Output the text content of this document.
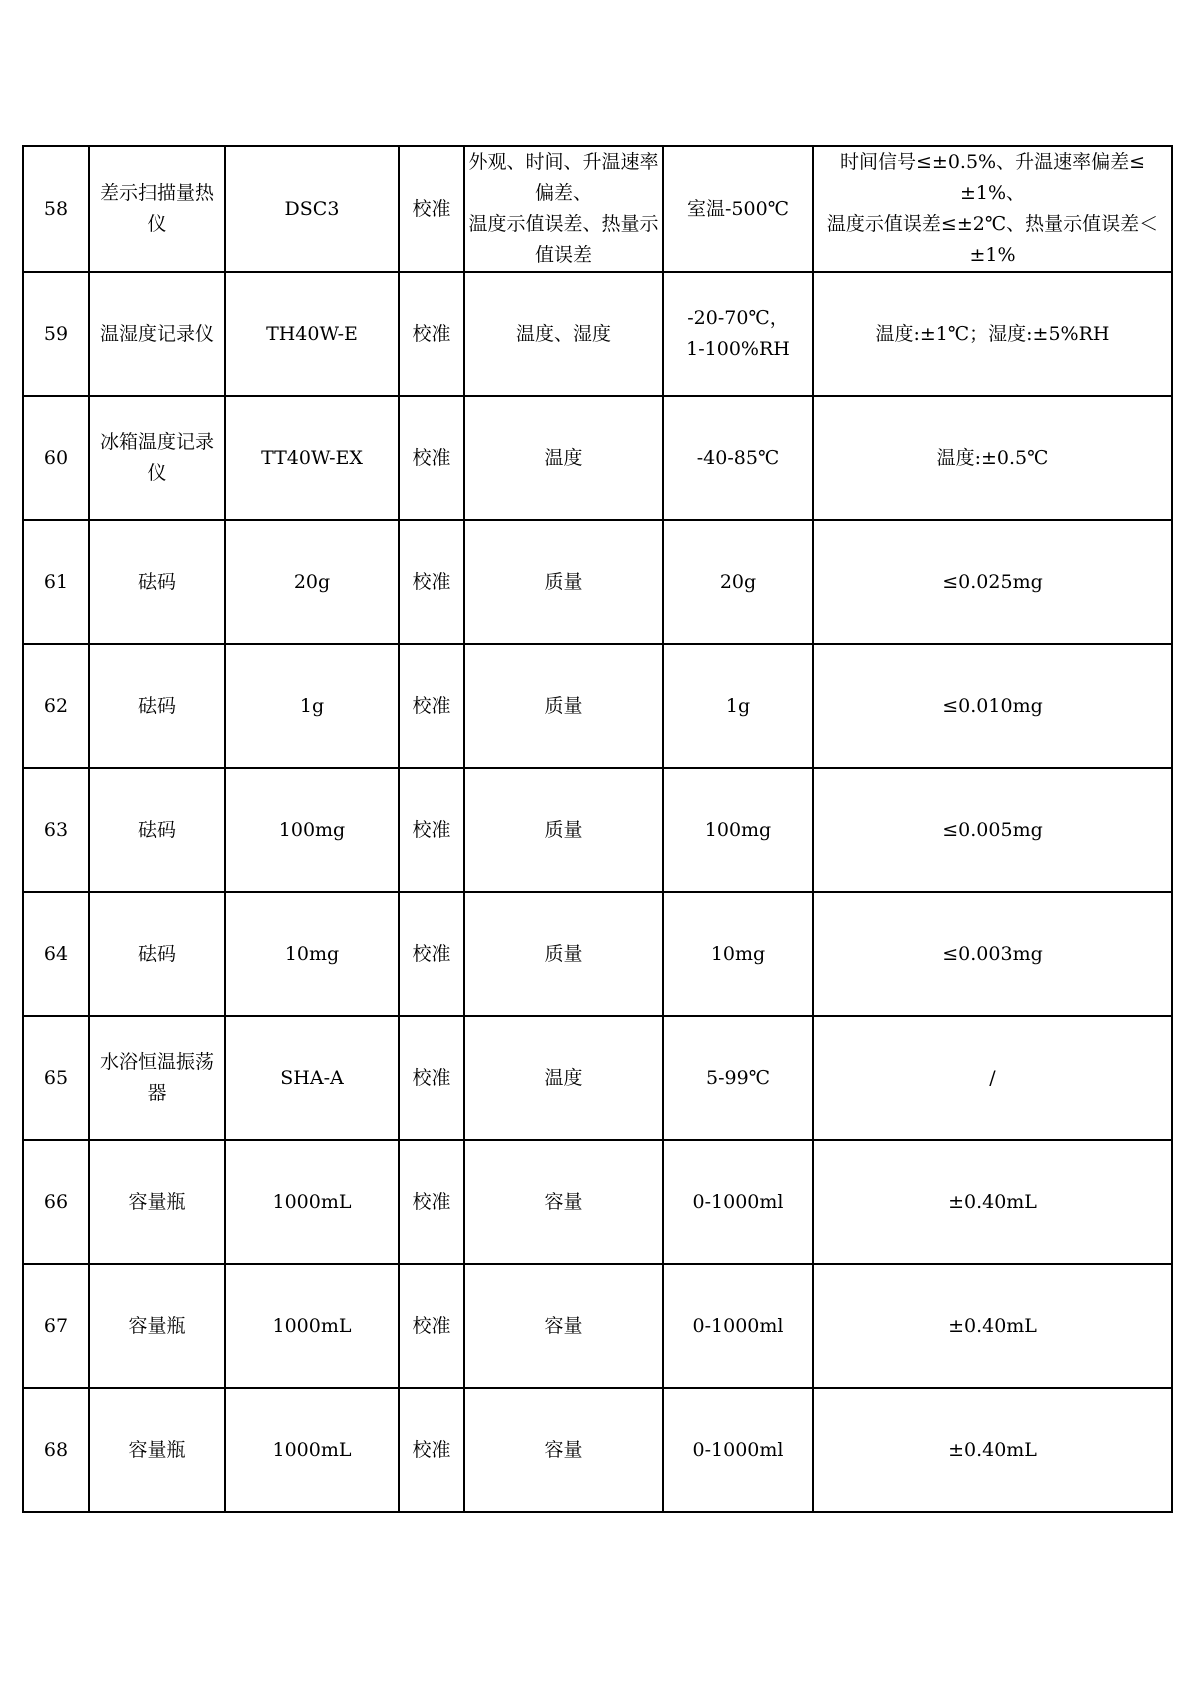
58	差示扫描量热仪	DSC3	校准	外观、时间、升温速率偏差、
温度示值误差、热量示值误差	室温-500℃	时间信号≤±0.5%、升温速率偏差≤±1%、
温度示值误差≤±2℃、热量示值误差＜±1%
59	温湿度记录仪	TH40W-E	校准	温度、湿度	-20-70℃，
1-100%RH	温度:±1℃；湿度:±5%RH
60	冰箱温度记录仪	TT40W-EX	校准	温度	-40-85℃	温度:±0.5℃
61	砝码	20g	校准	质量	20g	≤0.025mg
62	砝码	1g	校准	质量	1g	≤0.010mg
63	砝码	100mg	校准	质量	100mg	≤0.005mg
64	砝码	10mg	校准	质量	10mg	≤0.003mg
65	水浴恒温振荡器	SHA-A	校准	温度	5-99℃	/
66	容量瓶	1000mL	校准	容量	0-1000ml	±0.40mL
67	容量瓶	1000mL	校准	容量	0-1000ml	±0.40mL
68	容量瓶	1000mL	校准	容量	0-1000ml	±0.40mL
